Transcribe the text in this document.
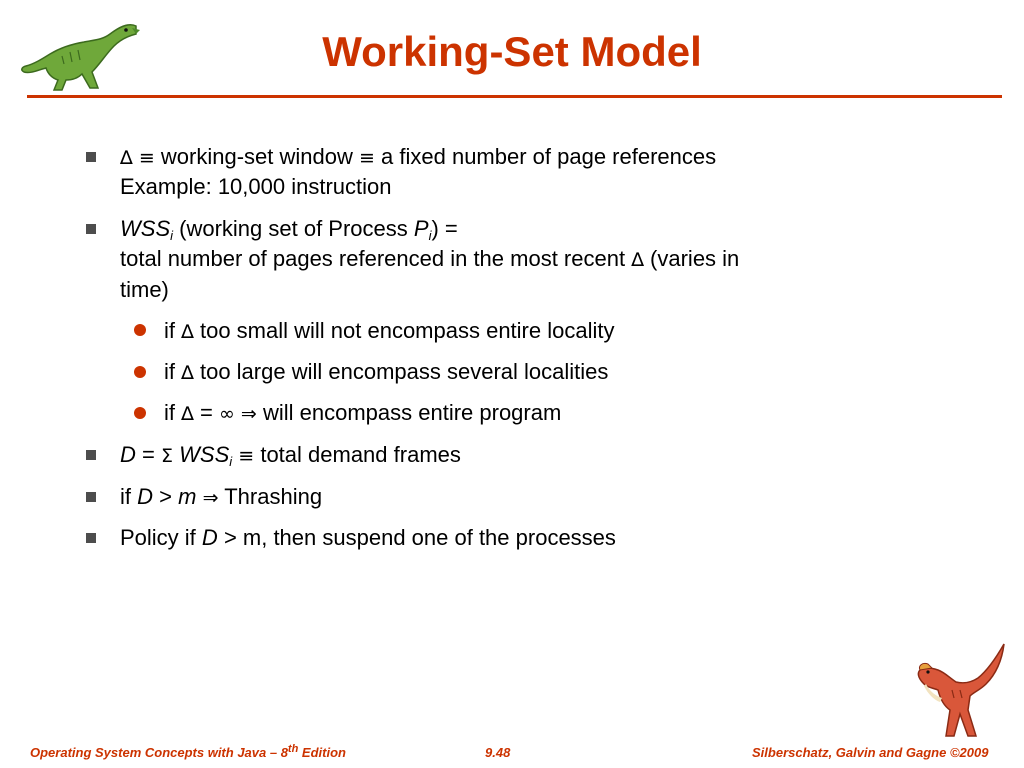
Working-Set Model
∆ ≡ working-set window ≡ a fixed number of page references
Example: 10,000 instruction
$WSS_i$ (working set of Process $P_i$) =
total number of pages referenced in the most recent ∆ (varies in
time)
if ∆ too small will not encompass entire locality
if ∆ too large will encompass several localities
if ∆ = ∞ ⇒ will encompass entire program
D = Σ $WSS_i$ ≡ total demand frames
if D > m ⇒ Thrashing
Policy if D > m, then suspend one of the processes
Operating System Concepts with Java – 8th Edition	9.48	Silberschatz, Galvin and Gagne ©2009
